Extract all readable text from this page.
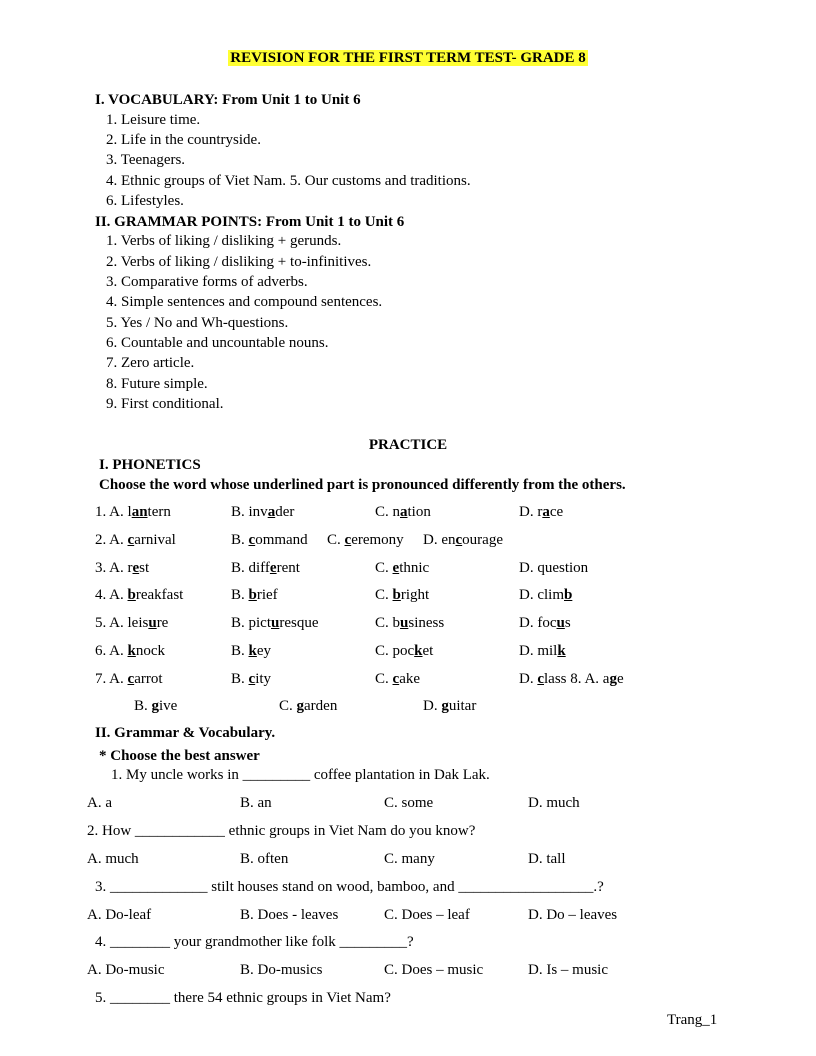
REVISION FOR THE FIRST TERM TEST- GRADE 8
I. VOCABULARY: From Unit 1 to Unit 6
1. Leisure time.
2. Life in the countryside.
3. Teenagers.
4. Ethnic groups of Viet Nam. 5. Our customs and traditions.
6. Lifestyles.
II. GRAMMAR POINTS: From Unit 1 to Unit 6
1. Verbs of liking / disliking + gerunds.
2. Verbs of liking / disliking + to-infinitives.
3. Comparative forms of adverbs.
4. Simple sentences and compound sentences.
5. Yes / No and Wh-questions.
6. Countable and uncountable nouns.
7. Zero article.
8. Future simple.
9. First conditional.
PRACTICE
I. PHONETICS
Choose the word whose underlined part is pronounced differently from the others.
1. A. lantern	B. invader	C. nation	D. race
2. A. carnival	B. command C. ceremony D. encourage
3. A. rest	B. different	C. ethnic	D. question
4. A. breakfast	B. brief	C. bright	D. climb
5. A. leisure	B. picturesque	C. business	D. focus
6. A. knock	B. key	C. pocket	D. milk
7. A. carrot	B. city	C. cake	D. class 8. A. age
B. give	C. garden	D. guitar
II. Grammar & Vocabulary.
* Choose the best answer
1. My uncle works in _________ coffee plantation in Dak Lak.
A. a	B. an	C. some	D. much
2. How ____________ ethnic groups in Viet Nam do you know?
A. much	B. often	C. many	D. tall
3. _____________ stilt houses stand on wood, bamboo, and __________________.?
A. Do-leaf	B. Does - leaves	C. Does – leaf	D. Do – leaves
4. ________ your grandmother like folk _________?
A. Do-music	B. Do-musics	C. Does – music	D. Is – music
5. ________ there 54 ethnic groups in Viet Nam?
Trang_1
